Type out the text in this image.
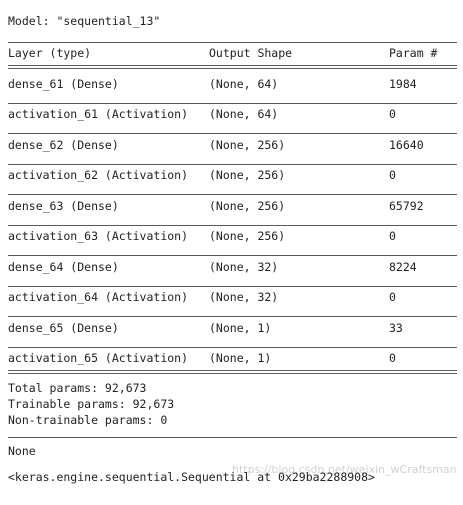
Model: "sequential_13"
Layer (type)	Output Shape	Param #
dense_61 (Dense)	(None, 64)	1984
activation_61 (Activation) (None, 64)	0
dense_62 (Dense)	(None, 256)	16640
activation_62 (Activation) (None, 256)	0
dense_63 (Dense)	(None, 256)	65792
activation_63 (Activation) (None, 256)	0
dense_64 (Dense)	(None, 32)	8224
activation_64 (Activation) (None, 32)	0
dense_65 (Dense)	(None, 1)	33
activation_65 (Activation) (None, 1)	0
Total params: 92,673
Trainable params: 92,673
Non-trainable params: 0
None
https://blog.csdn.net/weixin_wCraftsman
<keras.engine.sequential.Sequential at 0x29ba2288908>
